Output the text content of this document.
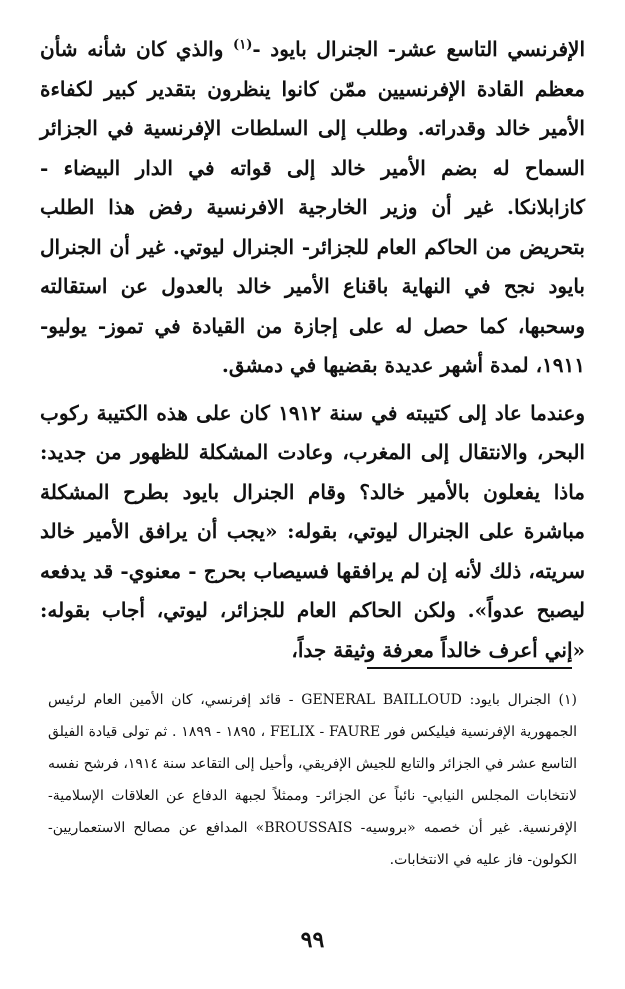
الإفرنسي التاسع عشر- الجنرال بايود -$^{(١)}$ والذي كان شأنه شأن معظم القادة الإفرنسيين ممّن كانوا ينظرون بتقدير كبير لكفاءة الأمير خالد وقدراته. وطلب إلى السلطات الإفرنسية في الجزائر السماح له بضم الأمير خالد إلى قواته في الدار البيضاء - كازابلانكا. غير أن وزير الخارجية الافرنسية رفض هذا الطلب بتحريض من الحاكم العام للجزائر- الجنرال ليوتي. غير أن الجنرال بايود نجح في النهاية باقناع الأمير خالد بالعدول عن استقالته وسحبها، كما حصل له على إجازة من القيادة في تموز- يوليو- ١٩١١، لمدة أشهر عديدة بقضيها في دمشق.

وعندما عاد إلى كتيبته في سنة ١٩١٢ كان على هذه الكتيبة ركوب البحر، والانتقال إلى المغرب، وعادت المشكلة للظهور من جديد: ماذا يفعلون بالأمير خالد؟ وقام الجنرال بايود بطرح المشكلة مباشرة على الجنرال ليوتي، بقوله: «يجب أن يرافق الأمير خالد سريته، ذلك لأنه إن لم يرافقها فسيصاب بحرج - معنوي- قد يدفعه ليصبح عدواً». ولكن الحاكم العام للجزائر، ليوتي، أجاب بقوله: «إني أعرف خالداً معرفة وثيقة جداً،

(١) الجنرال بايود: GENERAL BAILLOUD - قائد إفرنسي، كان الأمين العام لرئيس الجمهورية الإفرنسية فيليكس فور FELIX - FAURE ، ١٨٩٥ - ١٨٩٩ . ثم تولى قيادة الفيلق التاسع عشر في الجزائر والتابع للجيش الإفريقي، وأحيل إلى التقاعد سنة ١٩١٤، فرشح نفسه لانتخابات المجلس النيابي- نائباً عن الجزائر- وممثلاً لجبهة الدفاع عن العلاقات الإسلامية- الإفرنسية. غير أن خصمه «بروسيه- BROUSSAIS» المدافع عن مصالح الاستعماريين- الكولون- فاز عليه في الانتخابات.

٩٩
